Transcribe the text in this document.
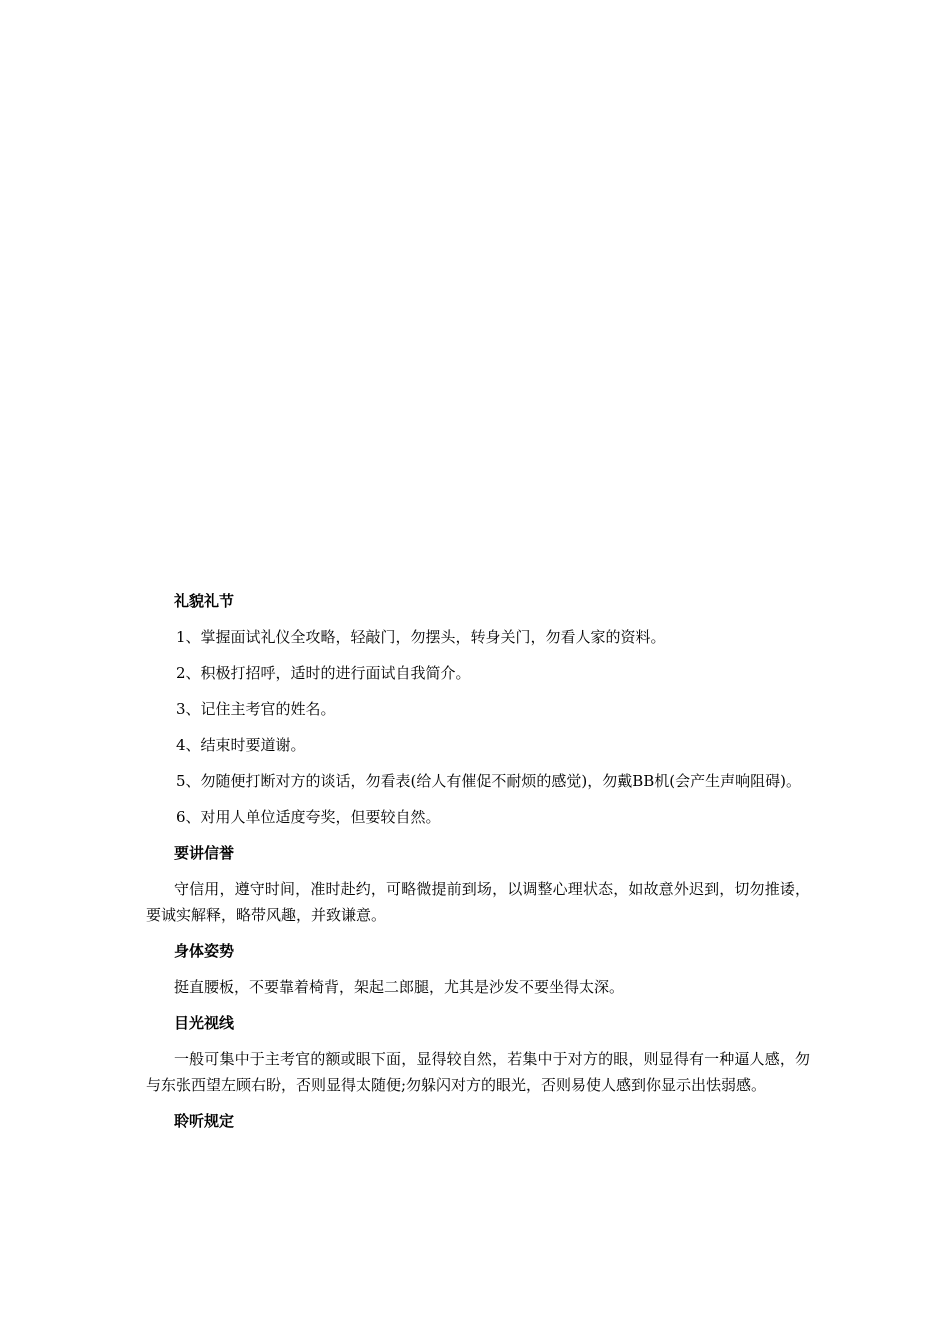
礼貌礼节
1、掌握面试礼仪全攻略，轻敲门，勿摆头，转身关门，勿看人家的资料。
2、积极打招呼，适时的进行面试自我简介。
3、记住主考官的姓名。
4、结束时要道谢。
5、勿随便打断对方的谈话，勿看表(给人有催促不耐烦的感觉)，勿戴BB机(会产生声响阻碍)。
6、对用人单位适度夸奖，但要较自然。
要讲信誉
守信用，遵守时间，准时赴约，可略微提前到场，以调整心理状态，如故意外迟到，切勿推诿，要诚实解释，略带风趣，并致谦意。
身体姿势
挺直腰板，不要靠着椅背，架起二郎腿，尤其是沙发不要坐得太深。
目光视线
一般可集中于主考官的额或眼下面，显得较自然，若集中于对方的眼，则显得有一种逼人感，勿与东张西望左顾右盼，否则显得太随便;勿躲闪对方的眼光，否则易使人感到你显示出怯弱感。
聆听规定
